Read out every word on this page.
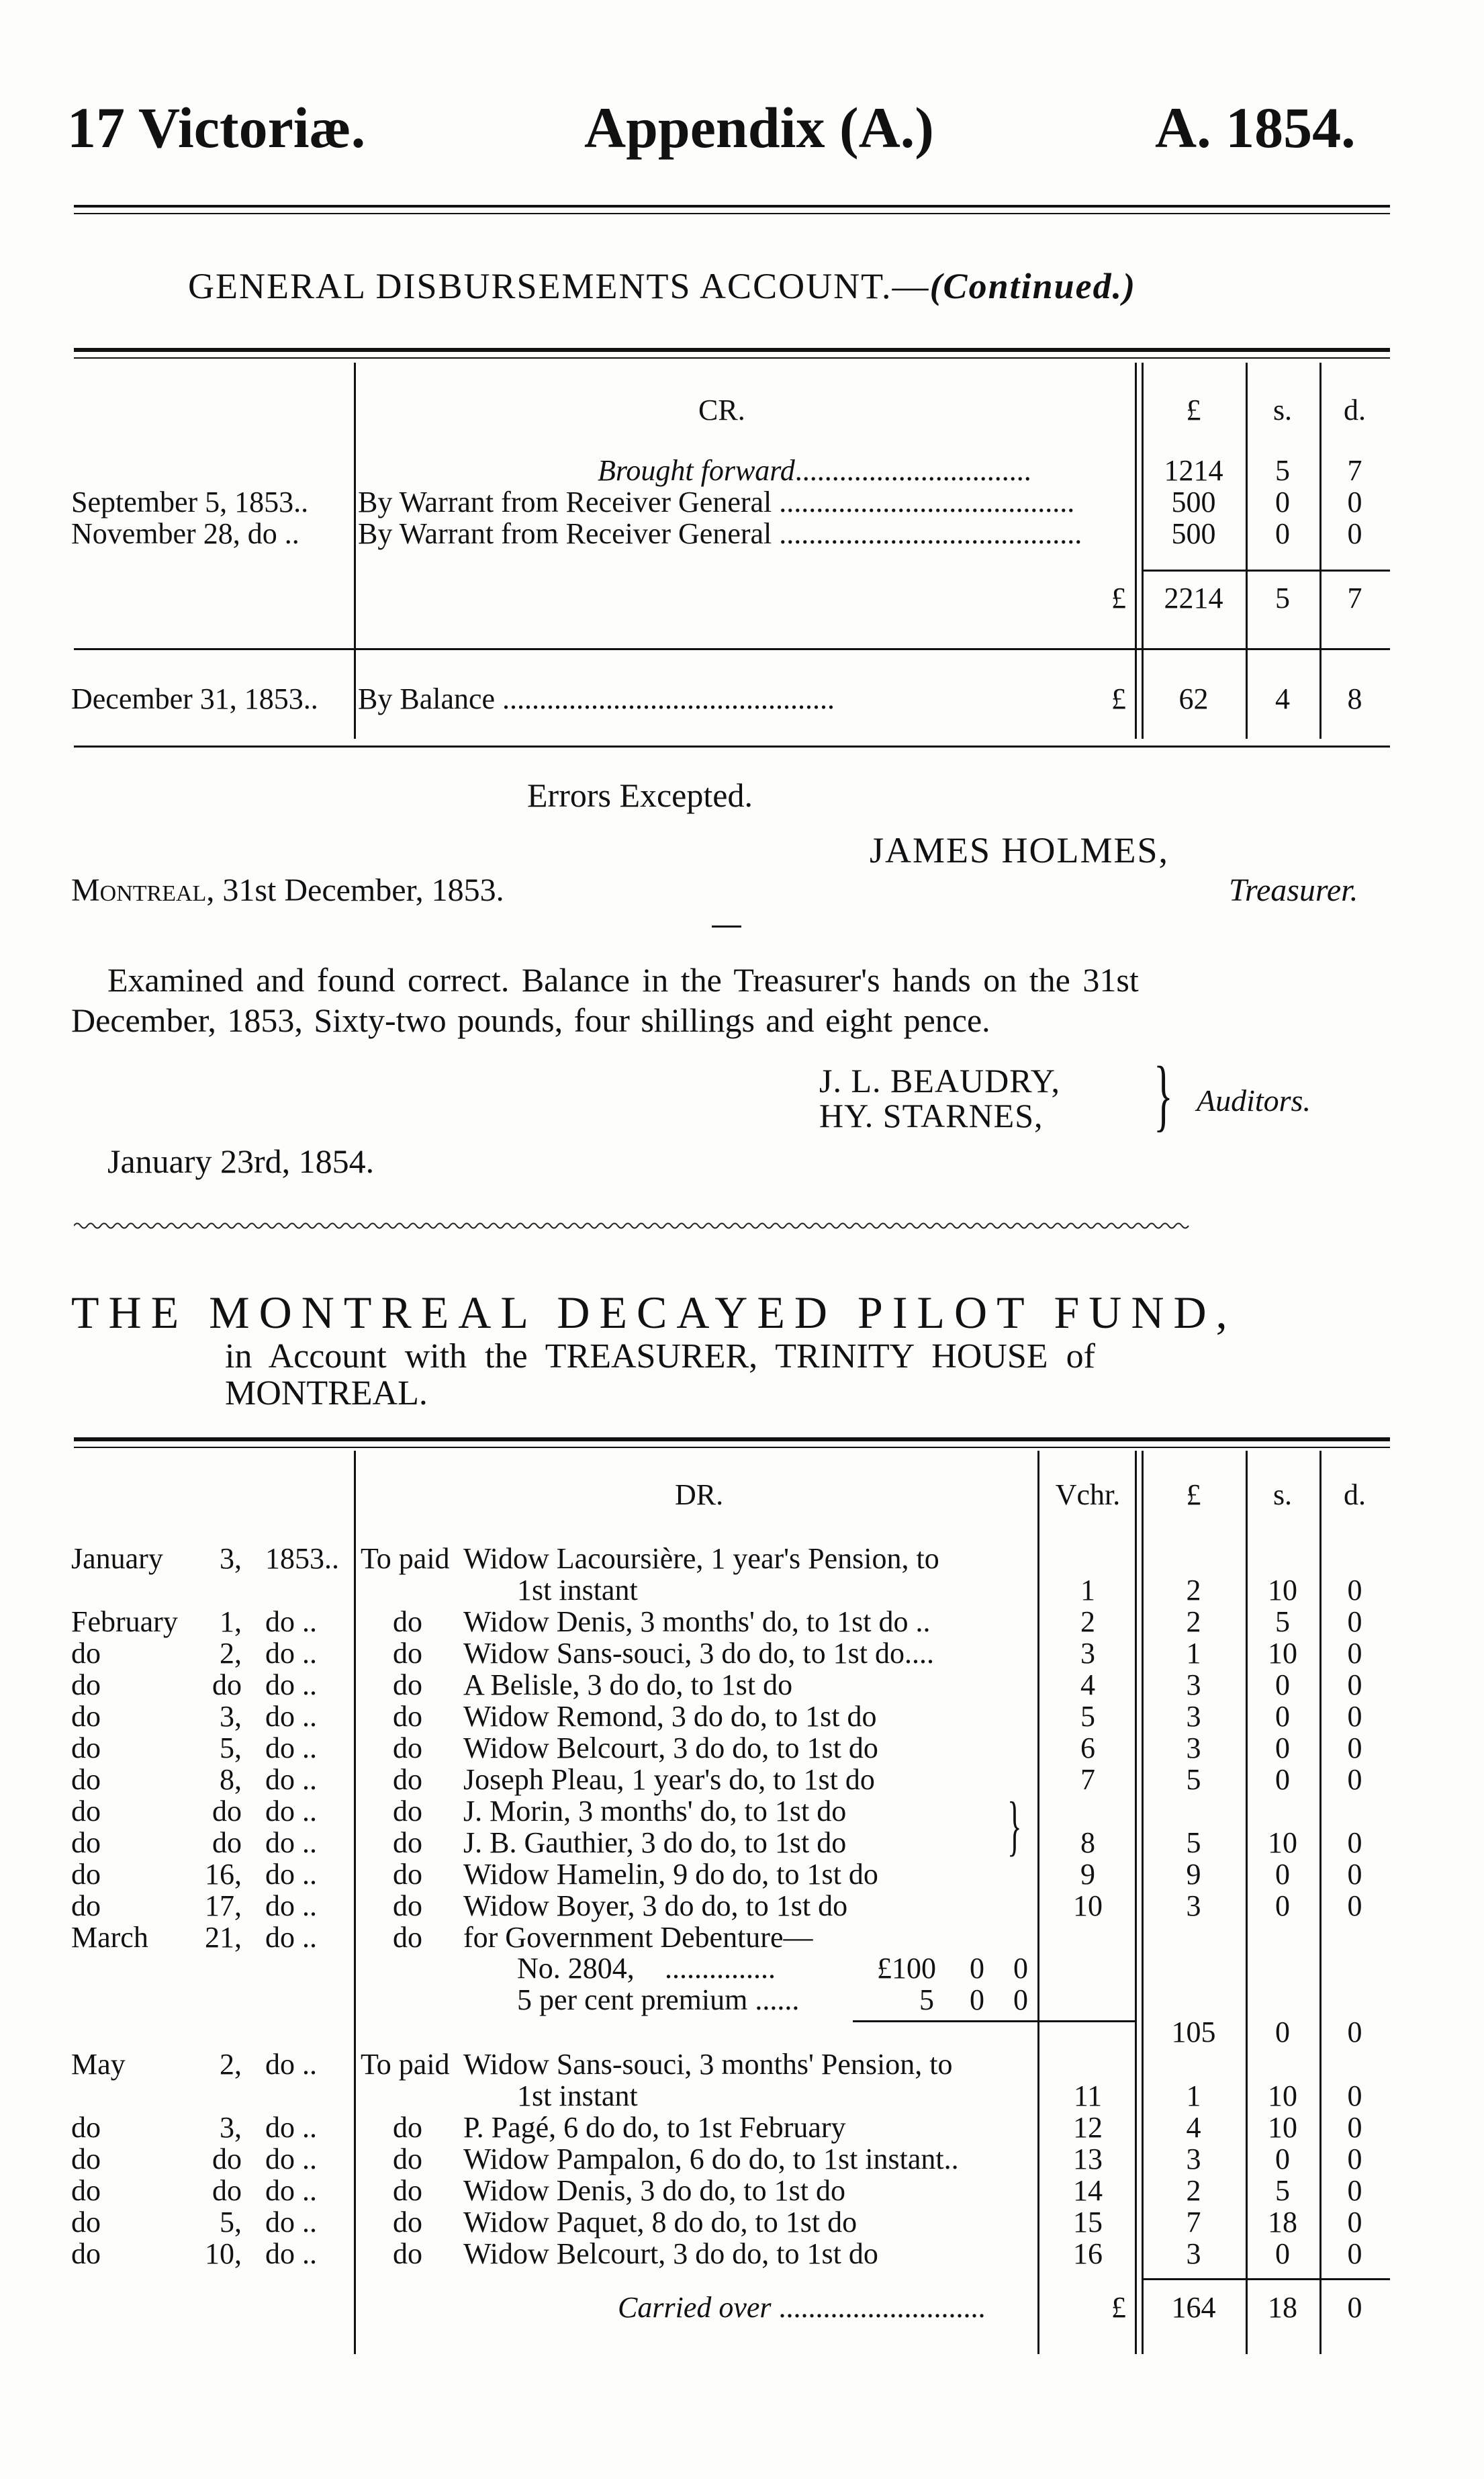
17 Victoriæ.	Appendix (A.)	A. 1854.
GENERAL DISBURSEMENTS ACCOUNT.—(Continued.)
CR.	£	s.	d.
Brought forward................................	1214	5	7
September 5, 1853.. By Warrant from Receiver General ........................................	500	0	0
November 28, do .. By Warrant from Receiver General .........................................	500	0	0
£	2214	5	7
December 31, 1853.. By Balance .............................................	£	62	4	8
Errors Excepted.
JAMES HOLMES,
Montreal, 31st December, 1853.	Treasurer.
Examined and found correct. Balance in the Treasurer's hands on the 31st
December, 1853, Sixty-two pounds, four shillings and eight pence.
J. L. BEAUDRY,
HY. STARNES, } Auditors.
January 23rd, 1854.
THE MONTREAL DECAYED PILOT FUND,
in Account with the TREASURER, TRINITY HOUSE of
MONTREAL.
DR.	Vchr.	£	s.	d.
January	3, 1853.. To paid Widow Lacoursière, 1 year's Pension, to
1st instant	1	2	10	0
February	1, do ..	do Widow Denis, 3 months' do, to 1st do ..	2	2	5	0
do	2, do ..	do Widow Sans-souci, 3 do do, to 1st do....	3	1	10	0
do	do do ..	do A Belisle, 3 do do, to 1st do	4	3	0	0
do	3, do ..	do Widow Remond, 3 do do, to 1st do	5	3	0	0
do	5, do ..	do Widow Belcourt, 3 do do, to 1st do	6	3	0	0
do	8, do ..	do Joseph Pleau, 1 year's do, to 1st do	7	5	0	0
do	do do ..	do J. Morin, 3 months' do, to 1st do
do	do do ..	do J. B. Gauthier, 3 do do, to 1st do	8	5	10	0
do	16, do ..	do Widow Hamelin, 9 do do, to 1st do	9	9	0	0
do	17, do ..	do Widow Boyer, 3 do do, to 1st do	10	3	0	0
March 21, do ..	do for Government Debenture—
No. 2804, ...............	£100	0 0
5 per cent premium ......	5	0 0
105	0	0
May	2, do ..	To paid Widow Sans-souci, 3 months' Pension, to
1st instant	11	1	10	0
do	3, do ..	do P. Pagé, 6 do do, to 1st February	12	4	10	0
do	do do ..	do Widow Pampalon, 6 do do, to 1st instant..	13	3	0	0
do	do do ..	do Widow Denis, 3 do do, to 1st do	14	2	5	0
do	5, do ..	do Widow Paquet, 8 do do, to 1st do	15	7	18	0
do	10, do ..	do Widow Belcourt, 3 do do, to 1st do	16	3	0	0
}
Carried over ............................	£	164	18	0
